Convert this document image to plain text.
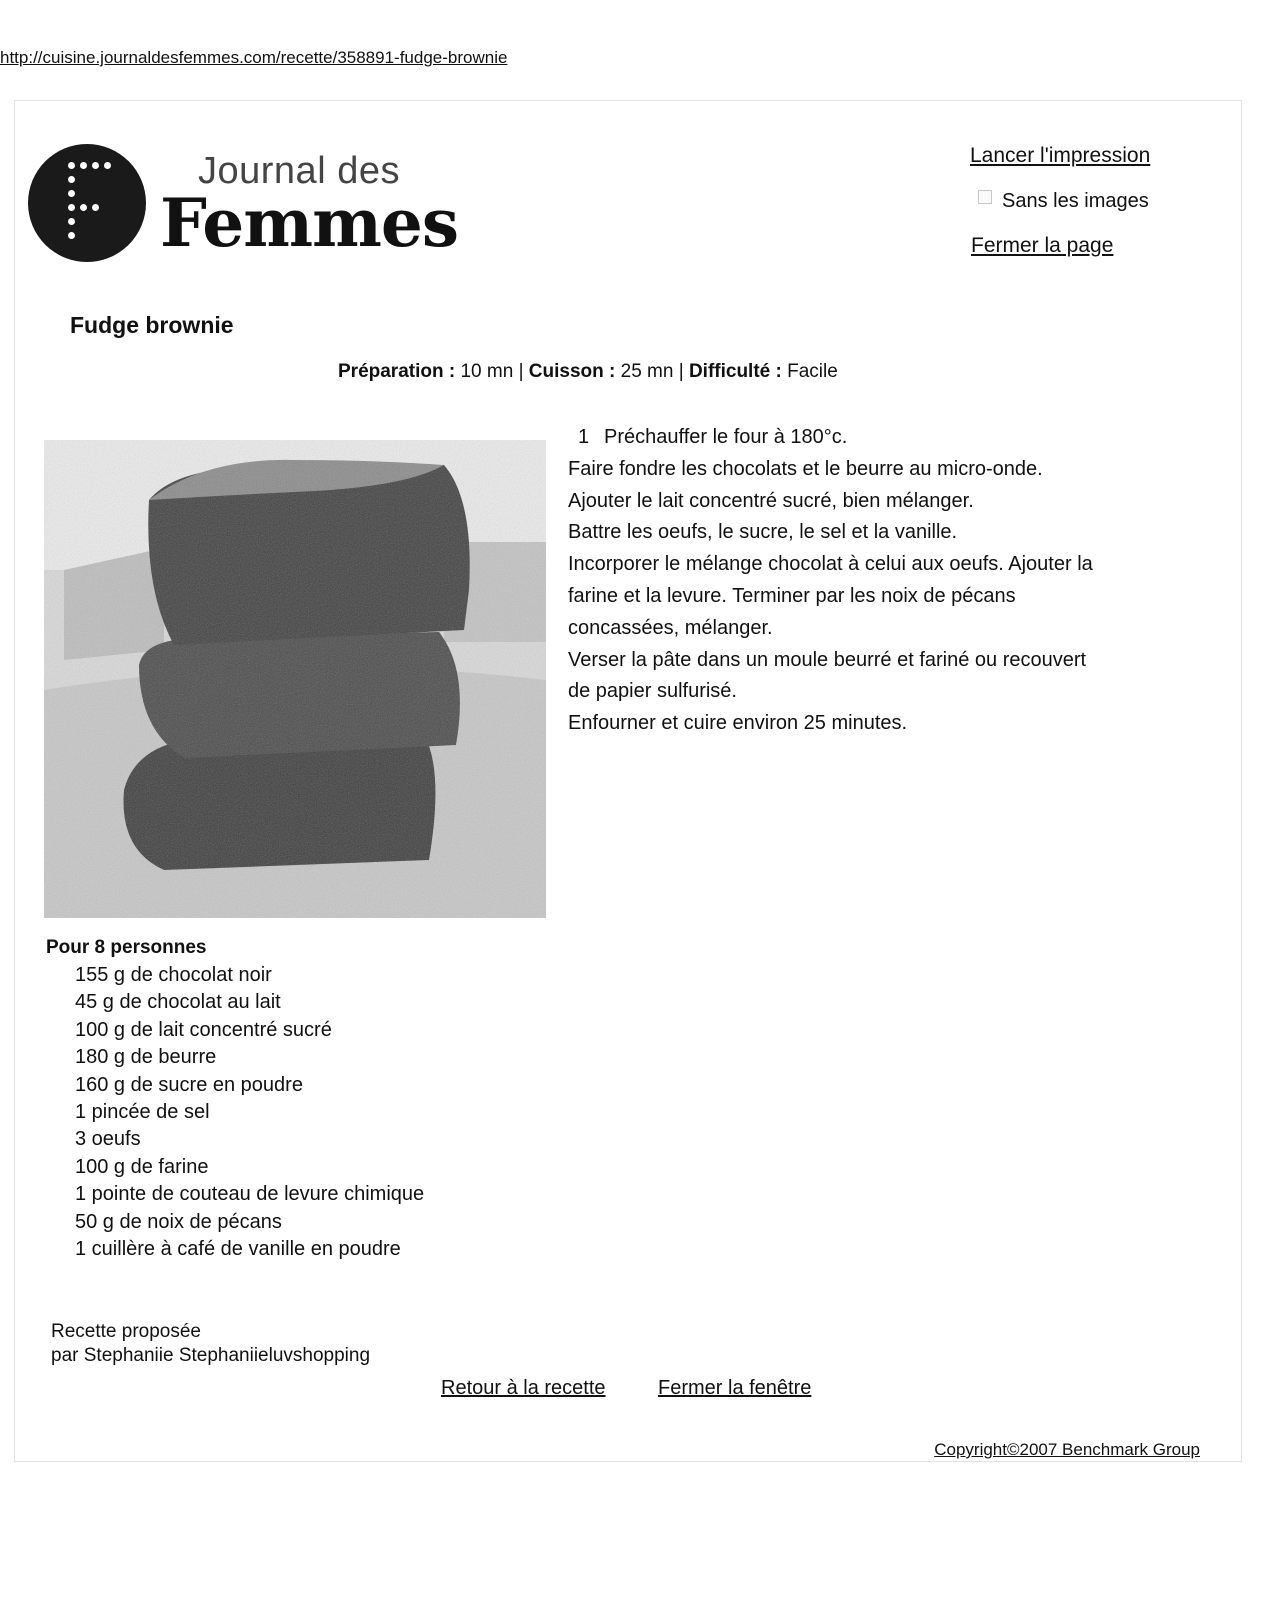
http://cuisine.journaldesfemmes.com/recette/358891-fudge-brownie
Journal des
Femmes
Lancer l'impression
Sans les images
Fermer la page
Fudge brownie
Préparation : 10 mn | Cuisson : 25 mn | Difficulté : Facile
1 Préchauffer le four à 180°c.
Faire fondre les chocolats et le beurre au micro-onde.
Ajouter le lait concentré sucré, bien mélanger.
Battre les oeufs, le sucre, le sel et la vanille.
Incorporer le mélange chocolat à celui aux oeufs. Ajouter la
farine et la levure. Terminer par les noix de pécans
concassées, mélanger.
Verser la pâte dans un moule beurré et fariné ou recouvert
de papier sulfurisé.
Enfourner et cuire environ 25 minutes.
Pour 8 personnes
155 g de chocolat noir
45 g de chocolat au lait
100 g de lait concentré sucré
180 g de beurre
160 g de sucre en poudre
1 pincée de sel
3 oeufs
100 g de farine
1 pointe de couteau de levure chimique
50 g de noix de pécans
1 cuillère à café de vanille en poudre
Recette proposée
par Stephaniie Stephaniieluvshopping
Retour à la recette	Fermer la fenêtre
Copyright©2007 Benchmark Group
